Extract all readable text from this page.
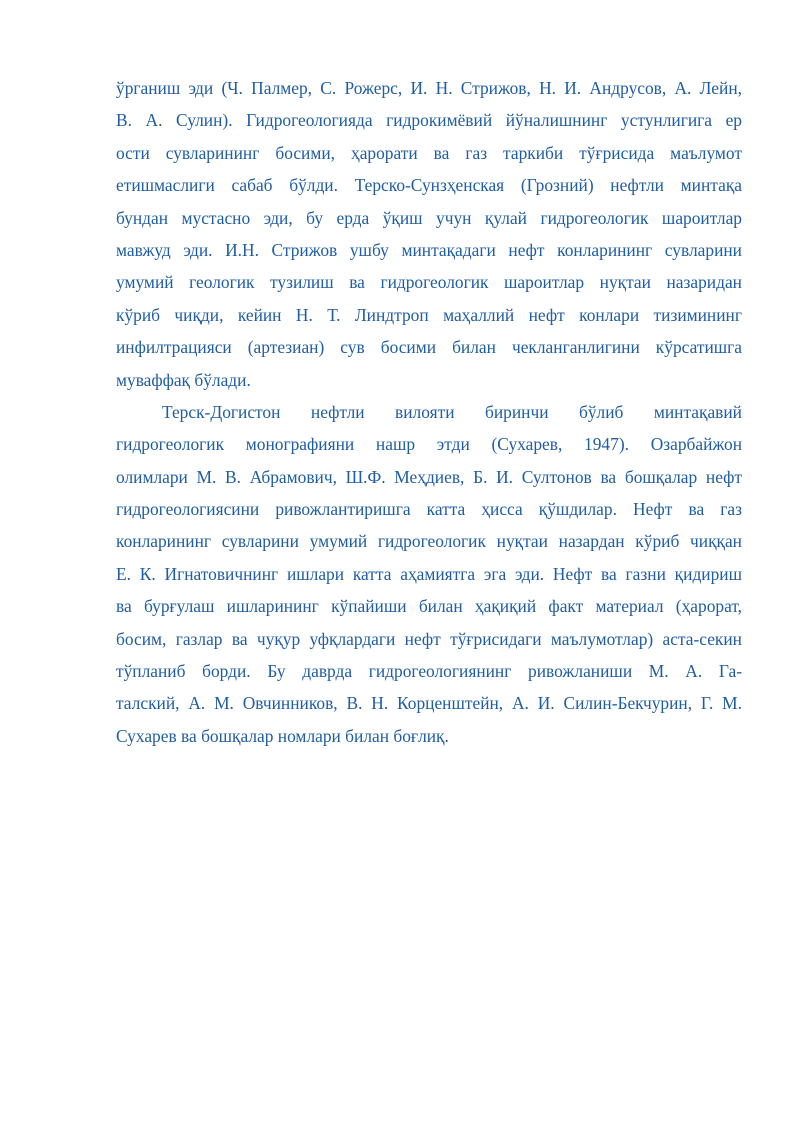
ўрганиш эди (Ч. Палмер, С. Рожерс, И. Н. Стрижов, Н. И. Андрусов, А. Лейн,
В. А. Сулин). Гидрогеологияда гидрокимёвий йўналишнинг устунлигига ер
ости сувларининг босими, ҳарорати ва газ таркиби тўғрисида маълумот
етишмаслиги сабаб бўлди. Терско-Сунзҳенская (Грозний) нефтли минтақа
бундан мустасно эди, бу ерда ўқиш учун қулай гидрогеологик шароитлар
мавжуд эди. И.Н. Стрижов ушбу минтақадаги нефт конларининг сувларини
умумий геологик тузилиш ва гидрогеологик шароитлар нуқтаи назаридан
кўриб чиқди, кейин Н. Т. Линдтроп маҳаллий нефт конлари тизимининг
инфилтрацияси (артезиан) сув босими билан чекланганлигини кўрсатишга
муваффақ бўлади.
Терск-Догистон нефтли вилояти биринчи бўлиб минтақавий
гидрогеологик монографияни нашр этди (Сухарев, 1947). Озарбайжон
олимлари М. В. Абрамович, Ш.Ф. Меҳдиев, Б. И. Султонов ва бошқалар нефт
гидрогеологиясини ривожлантиришга катта ҳисса қўшдилар. Нефт ва газ
конларининг сувларини умумий гидрогеологик нуқтаи назардан кўриб чиққан
Е. К. Игнатовичнинг ишлари катта аҳамиятга эга эди. Нефт ва газни қидириш
ва бурғулаш ишларининг кўпайиши билан ҳақиқий факт материал (ҳарорат,
босим, газлар ва чуқур уфқлардаги нефт тўғрисидаги маълумотлар) аста-секин
тўпланиб борди. Бу даврда гидрогеологиянинг ривожланиши М. А. Га-
талский, А. М. Овчинников, В. Н. Корценштейн, А. И. Силин-Бекчурин, Г. М.
Сухарев ва бошқалар номлари билан боғлиқ.
